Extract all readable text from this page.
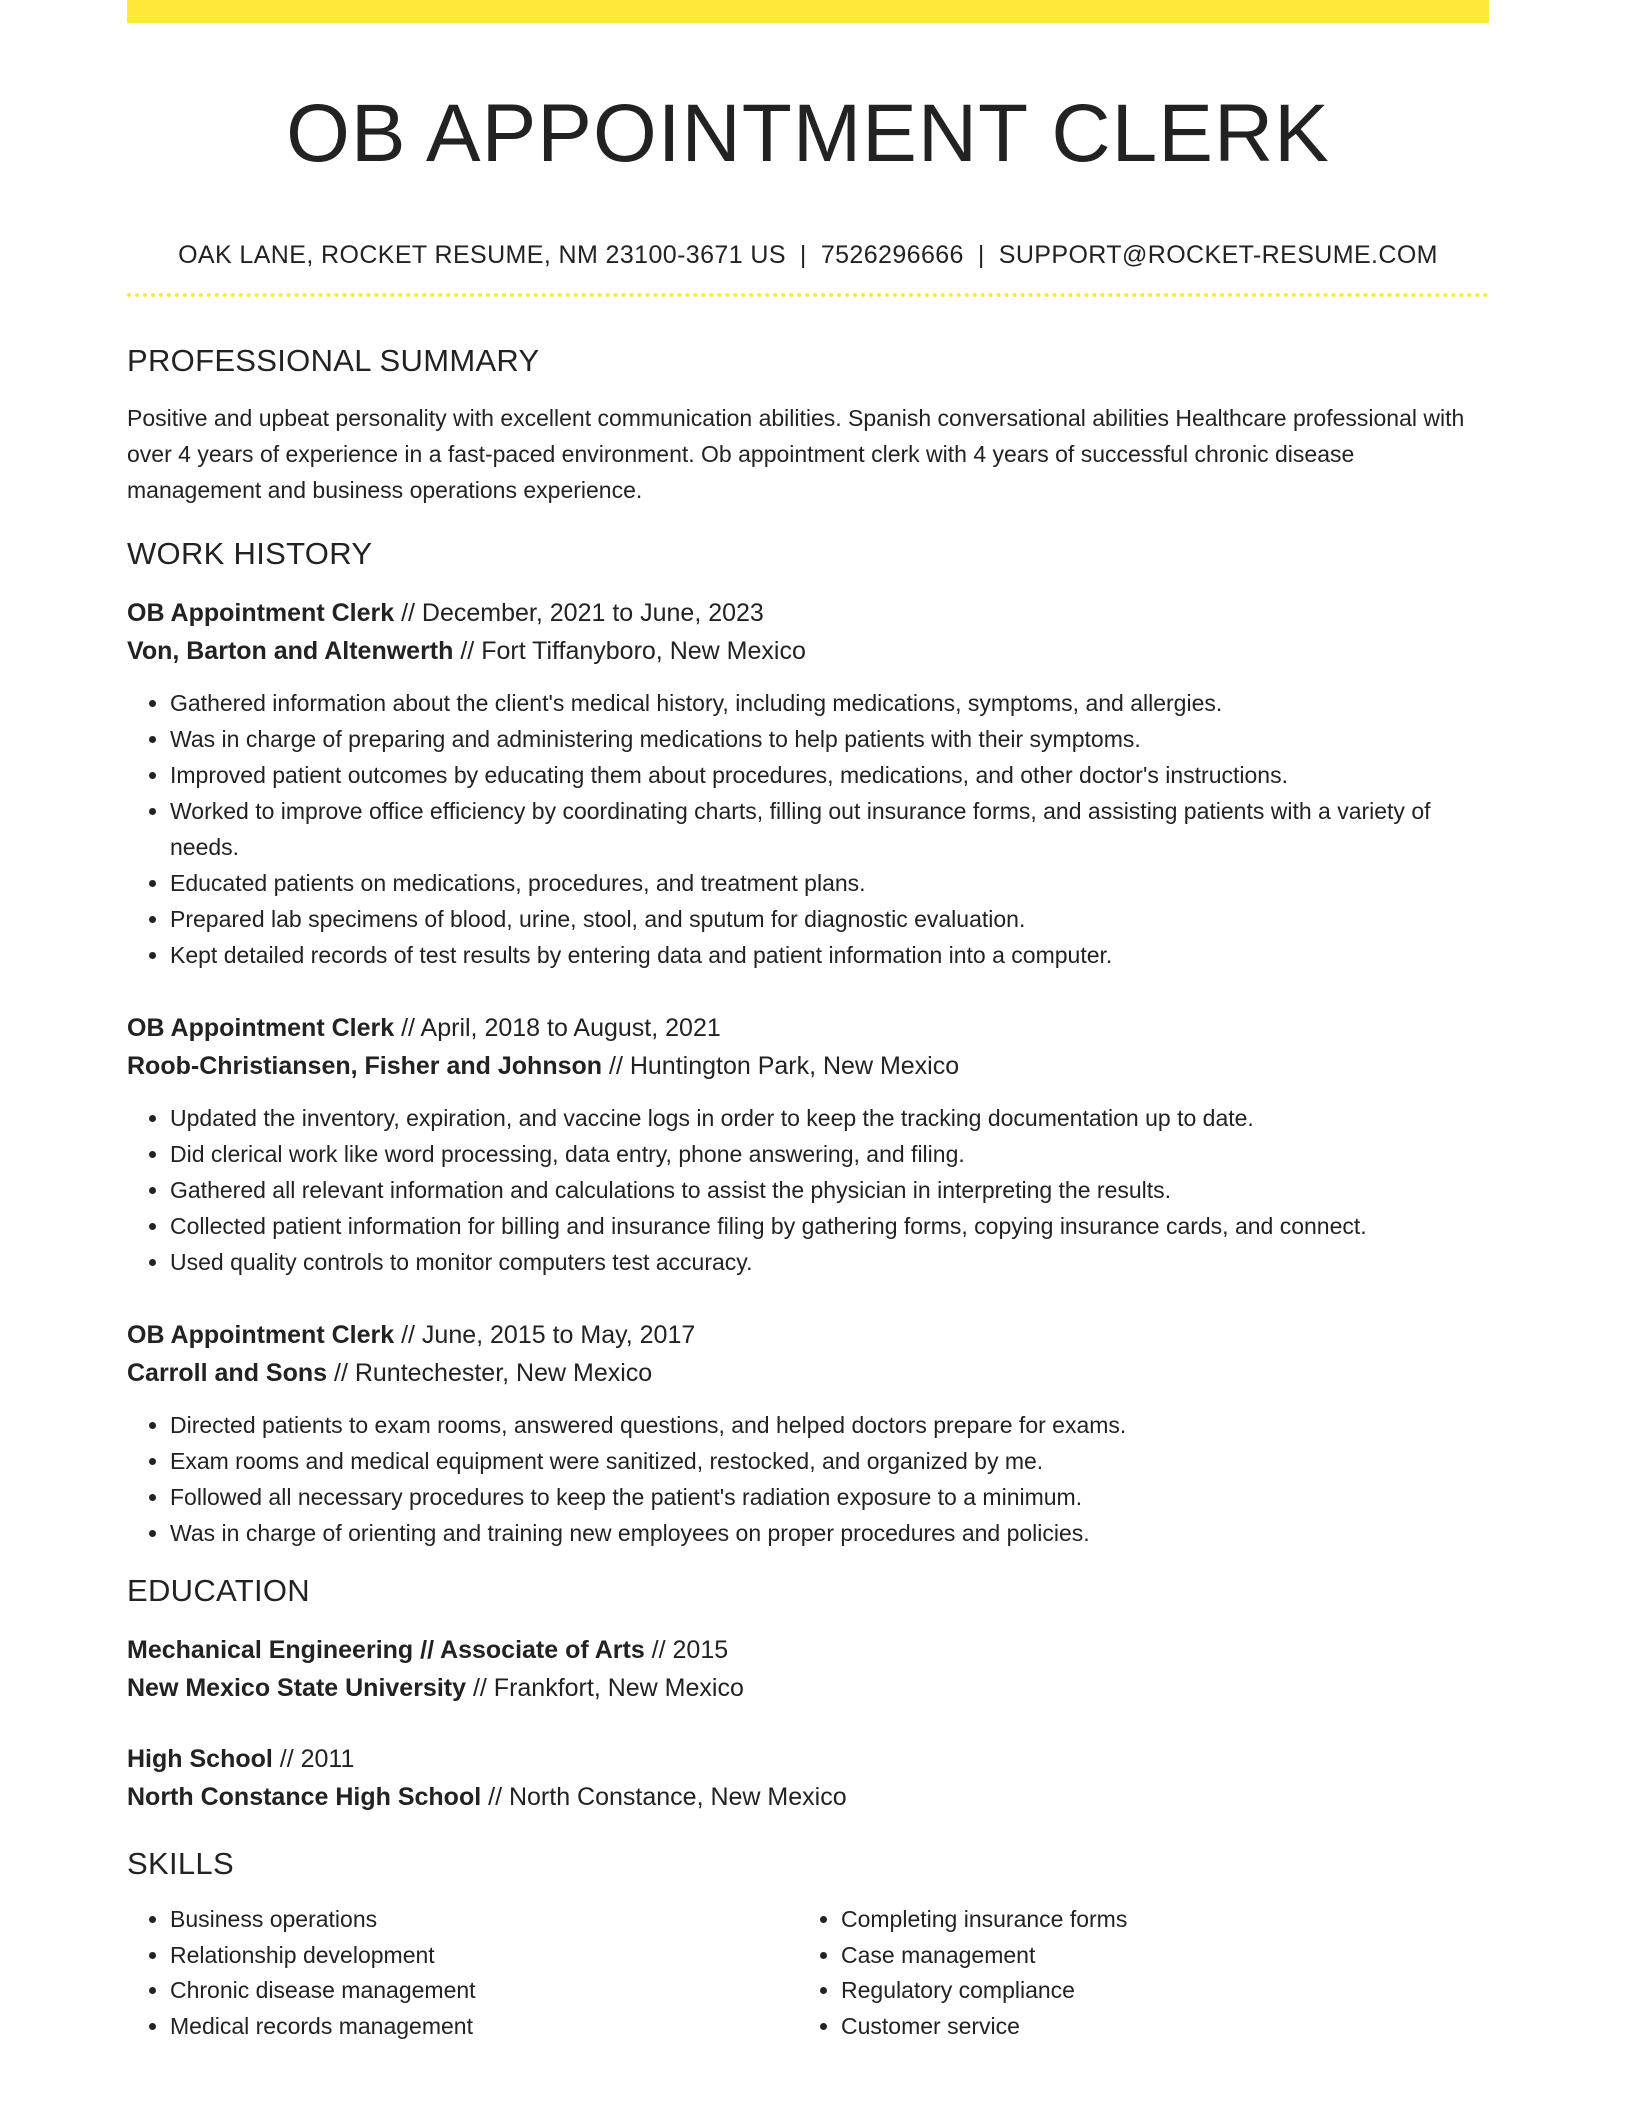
OB APPOINTMENT CLERK
OAK LANE, ROCKET RESUME, NM 23100-3671 US | 7526296666 | SUPPORT@ROCKET-RESUME.COM
PROFESSIONAL SUMMARY

Positive and upbeat personality with excellent communication abilities. Spanish conversational abilities Healthcare professional with over 4 years of experience in a fast-paced environment. Ob appointment clerk with 4 years of successful chronic disease management and business operations experience.

WORK HISTORY
OB Appointment Clerk // December, 2021 to June, 2023
Von, Barton and Altenwerth // Fort Tiffanyboro, New Mexico
• Gathered information about the client's medical history, including medications, symptoms, and allergies.
• Was in charge of preparing and administering medications to help patients with their symptoms.
• Improved patient outcomes by educating them about procedures, medications, and other doctor's instructions.
• Worked to improve office efficiency by coordinating charts, filling out insurance forms, and assisting patients with a variety of needs.
• Educated patients on medications, procedures, and treatment plans.
• Prepared lab specimens of blood, urine, stool, and sputum for diagnostic evaluation.
• Kept detailed records of test results by entering data and patient information into a computer.
OB Appointment Clerk // April, 2018 to August, 2021
Roob-Christiansen, Fisher and Johnson // Huntington Park, New Mexico
• Updated the inventory, expiration, and vaccine logs in order to keep the tracking documentation up to date.
• Did clerical work like word processing, data entry, phone answering, and filing.
• Gathered all relevant information and calculations to assist the physician in interpreting the results.
• Collected patient information for billing and insurance filing by gathering forms, copying insurance cards, and connect.
• Used quality controls to monitor computers test accuracy.
OB Appointment Clerk // June, 2015 to May, 2017
Carroll and Sons // Runtechester, New Mexico
• Directed patients to exam rooms, answered questions, and helped doctors prepare for exams.
• Exam rooms and medical equipment were sanitized, restocked, and organized by me.
• Followed all necessary procedures to keep the patient's radiation exposure to a minimum.
• Was in charge of orienting and training new employees on proper procedures and policies.
EDUCATION
Mechanical Engineering // Associate of Arts // 2015
New Mexico State University // Frankfort, New Mexico
High School // 2011
North Constance High School // North Constance, New Mexico
SKILLS
• Business operations
• Relationship development
• Chronic disease management
• Medical records management
• Completing insurance forms
• Case management
• Regulatory compliance
• Customer service
